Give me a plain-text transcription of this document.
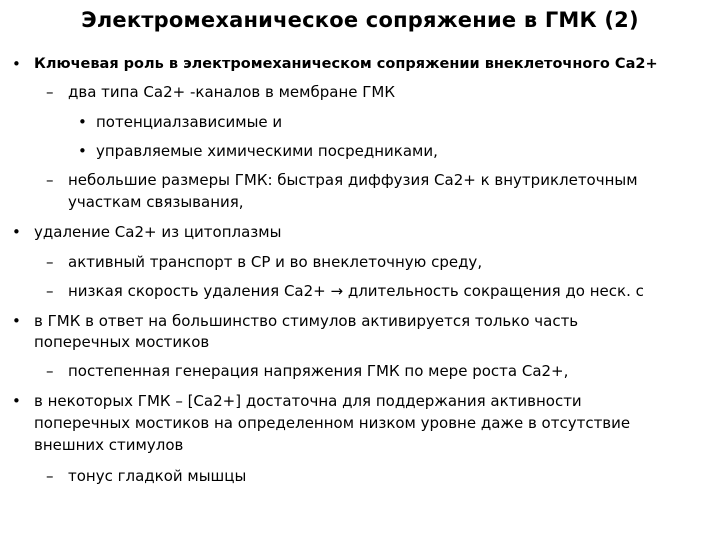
Электромеханическое сопряжение в ГМК (2)
• Ключевая роль в электромеханическом сопряжении внеклеточного Ca2+
– два типа Ca2+ -каналов в мембране ГМК
• потенциалзависимые и
• управляемые химическими посредниками,
– небольшие размеры ГМК: быстрая диффузия Ca2+ к внутриклеточным
участкам связывания,
• удаление Ca2+ из цитоплазмы
– активный транспорт в СР и во внеклеточную среду,
– низкая скорость удаления Ca2+ → длительность сокращения до неск. с
• в ГМК в ответ на большинство стимулов активируется только часть
поперечных мостиков
– постепенная генерация напряжения ГМК по мере роста Ca2+,
• в некоторых ГМК – [Ca2+] достаточна для поддержания активности
поперечных мостиков на определенном низком уровне даже в отсутствие
внешних стимулов
– тонус гладкой мышцы
